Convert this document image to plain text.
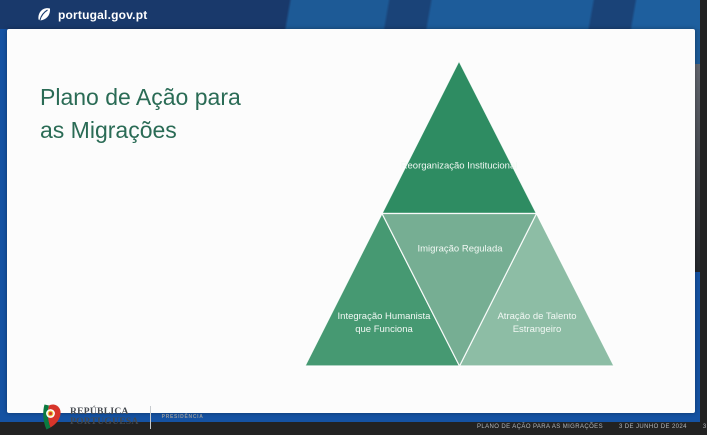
portugal.gov.pt
Plano de Ação para as Migrações
Reorganização Institucional
Imigração Regulada
Integração Humanista que Funciona
Atração de Talento Estrangeiro
REPÚBLICA
PORTUGUESA	PRESIDÊNCIA
PLANO DE AÇÃO PARA AS MIGRAÇÕES	3 DE JUNHO DE 2024	3
